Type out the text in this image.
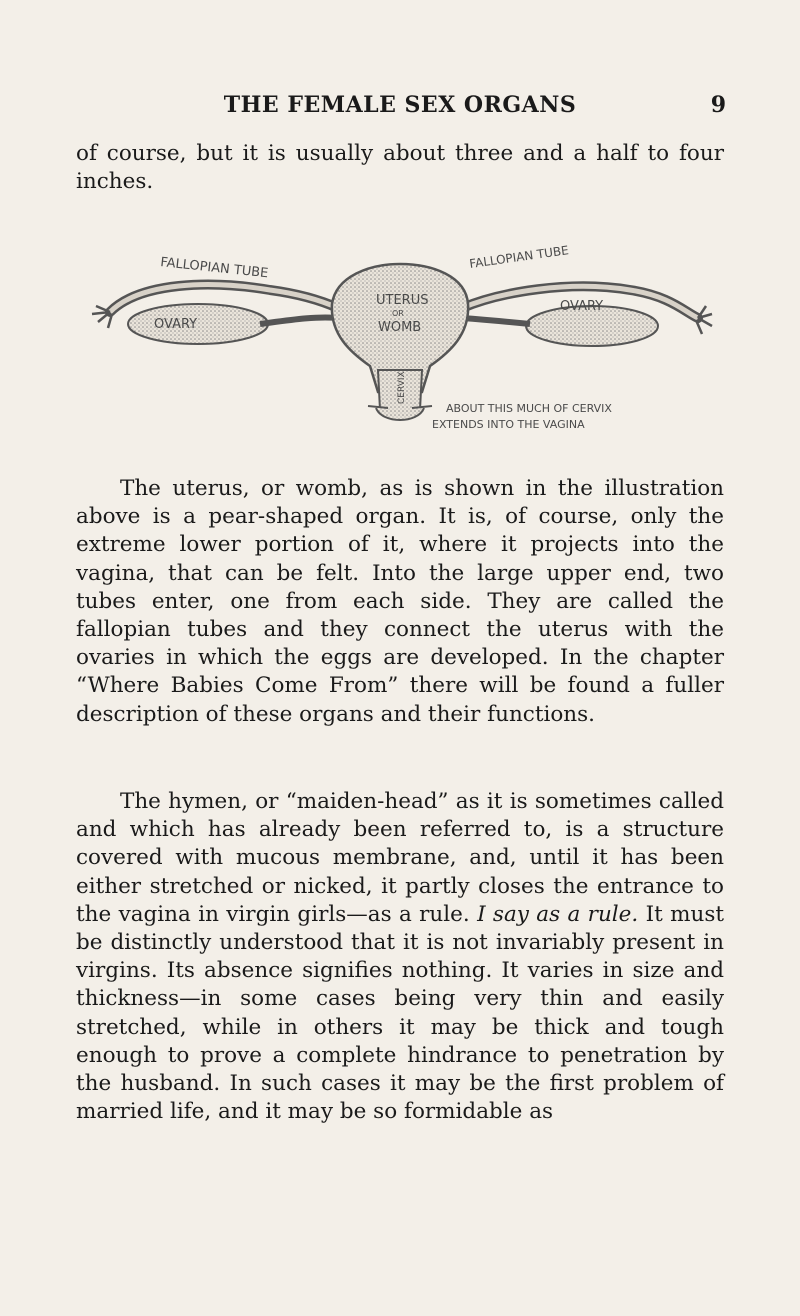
THE FEMALE SEX ORGANS	9

of course, but it is usually about three and a half to four inches.

FALLOPIAN TUBE	FALLOPIAN TUBE
OVARY
OVARY
UTERUS
OR
WOMB
CERVIX
ABOUT THIS MUCH OF CERVIX
EXTENDS INTO THE VAGINA

The uterus, or womb, as is shown in the illustration above is a pear-shaped organ. It is, of course, only the extreme lower portion of it, where it projects into the vagina, that can be felt. Into the large upper end, two tubes enter, one from each side. They are called the fallopian tubes and they connect the uterus with the ovaries in which the eggs are developed. In the chapter “Where Babies Come From” there will be found a fuller description of these organs and their functions.

The hymen, or “maiden-head” as it is sometimes called and which has already been referred to, is a structure covered with mucous membrane, and, until it has been either stretched or nicked, it partly closes the entrance to the vagina in virgin girls—as a rule. I say as a rule. It must be distinctly understood that it is not invariably present in virgins. Its absence signifies nothing. It varies in size and thickness—in some cases being very thin and easily stretched, while in others it may be thick and tough enough to prove a complete hindrance to penetration by the husband. In such cases it may be the first problem of married life, and it may be so formidable as
